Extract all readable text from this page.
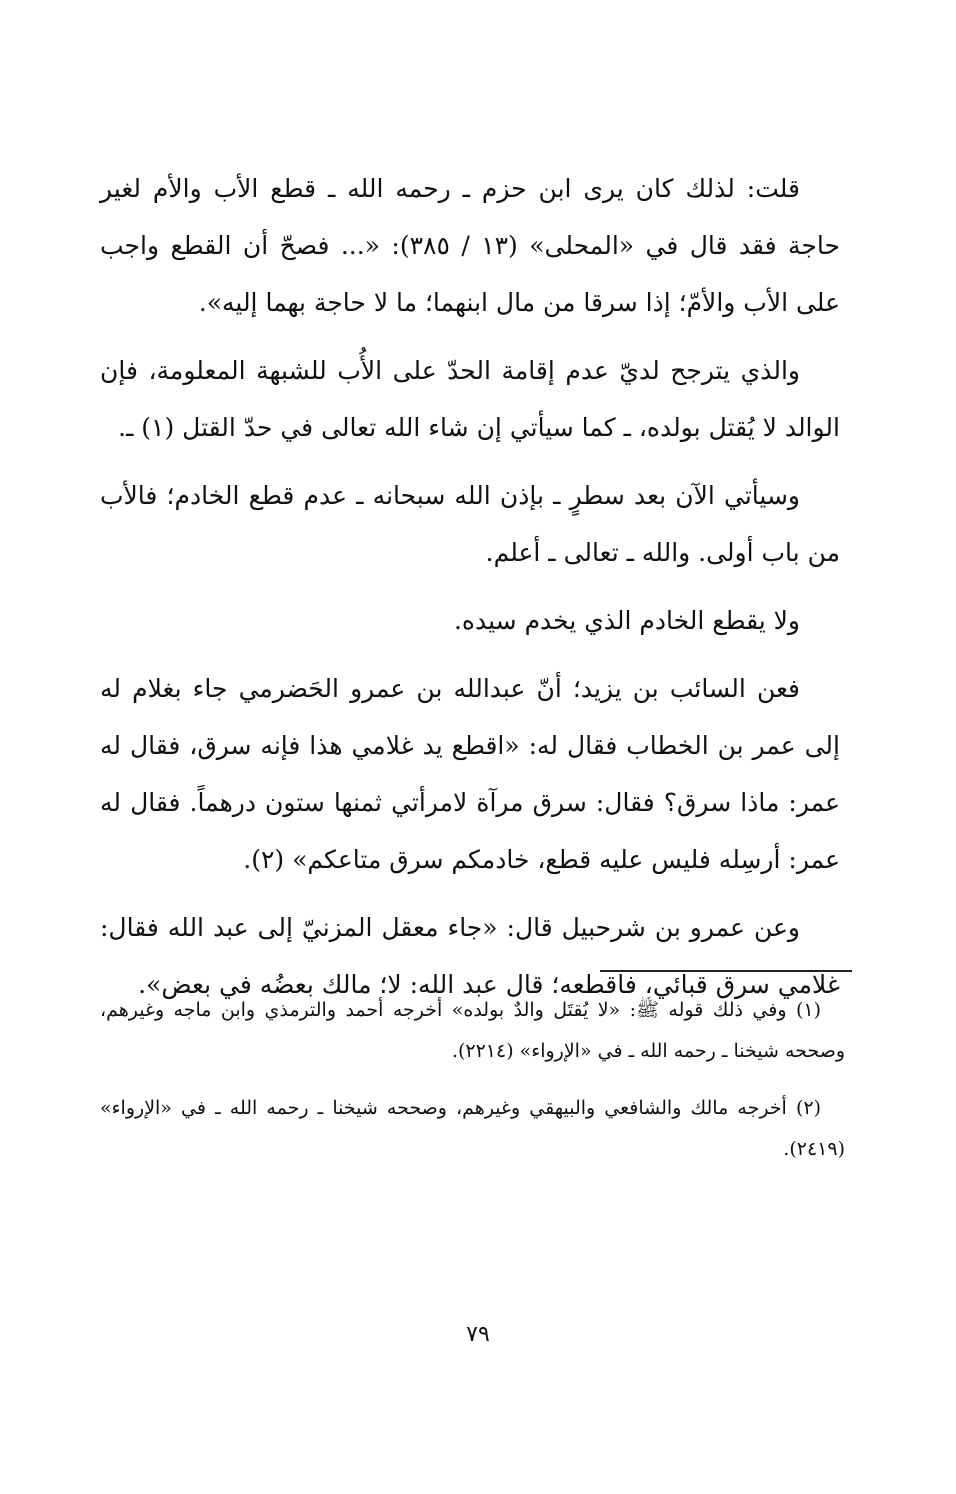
قلت: لذلك كان يرى ابن حزم ـ رحمه الله ـ قطع الأب والأم لغير حاجة فقد قال في «المحلى» (١٣ / ٣٨٥): «... فصحّ أن القطع واجب على الأب والأمّ؛ إذا سرقا من مال ابنهما؛ ما لا حاجة بهما إليه».

والذي يترجح لديّ عدم إقامة الحدّ على الأُب للشبهة المعلومة، فإن الوالد لا يُقتل بولده، ـ كما سيأتي إن شاء الله تعالى في حدّ القتل (١) ـ.

وسيأتي الآن بعد سطرٍ ـ بإذن الله سبحانه ـ عدم قطع الخادم؛ فالأب من باب أولى. والله ـ تعالى ـ أعلم.

ولا يقطع الخادم الذي يخدم سيده.

فعن السائب بن يزيد؛ أنّ عبدالله بن عمرو الحَضرمي جاء بغلام له إلى عمر بن الخطاب فقال له: «اقطع يد غلامي هذا فإنه سرق، فقال له عمر: ماذا سرق؟ فقال: سرق مرآة لامرأتي ثمنها ستون درهماً. فقال له عمر: أرسِله فليس عليه قطع، خادمكم سرق متاعكم» (٢).

وعن عمرو بن شرحبيل قال: «جاء معقل المزنيّ إلى عبد الله فقال: غلامي سرق قبائي، فاقطعه؛ قال عبد الله: لا؛ مالك بعضُه في بعض».

(١) وفي ذلك قوله ﷺ: «لا يُقتَل والدٌ بولده» أخرجه أحمد والترمذي وابن ماجه وغيرهم، وصححه شيخنا ـ رحمه الله ـ في «الإرواء» (٢٢١٤).

(٢) أخرجه مالك والشافعي والبيهقي وغيرهم، وصححه شيخنا ـ رحمه الله ـ في «الإرواء» (٢٤١٩).

٧٩
